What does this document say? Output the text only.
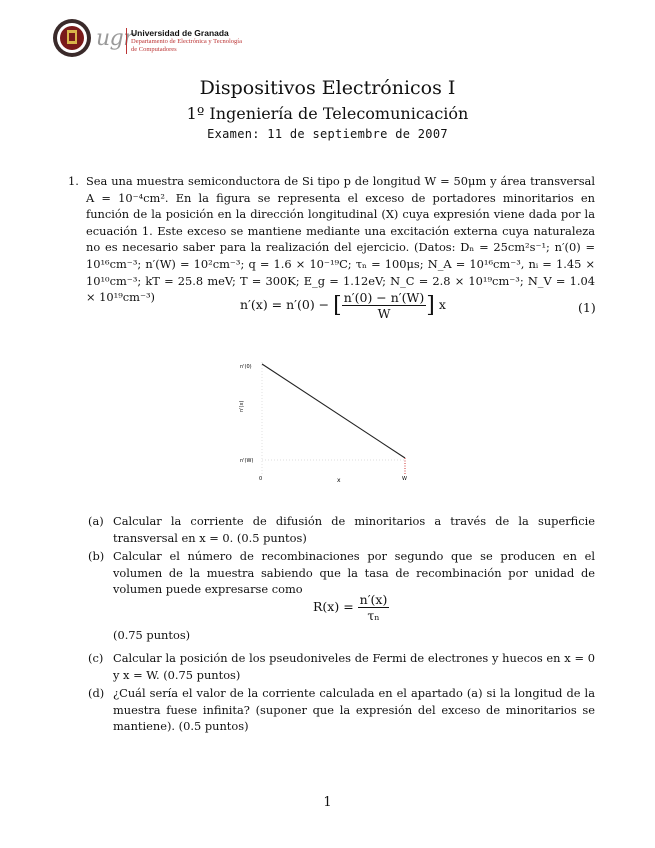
ugr
Universidad de Granada
Departamento de Electrónica y Tecnología
de Computadores
Dispositivos Electrónicos I
1º Ingeniería de Telecomunicación
Examen: 11 de septiembre de 2007
1. Sea una muestra semiconductora de Si tipo p de longitud W = 50μm y área transversal A = 10⁻⁴cm². En la figura se representa el exceso de portadores minoritarios en función de la posición en la dirección longitudinal (X) cuya expresión viene dada por la ecuación 1. Este exceso se mantiene mediante una excitación externa cuya naturaleza no es necesario saber para la realización del ejercicio. (Datos: Dₙ = 25cm²s⁻¹; n′(0) = 10¹⁶cm⁻³; n′(W) = 10²cm⁻³; q = 1.6 × 10⁻¹⁹C; τₙ = 100μs; N_A = 10¹⁶cm⁻³, nᵢ = 1.45 × 10¹⁰cm⁻³; kT = 25.8 meV; T = 300K; E_g = 1.12eV; N_C = 2.8 × 10¹⁹cm⁻³; N_V = 1.04 × 10¹⁹cm⁻³)	n′(x) = n′(0) − [ $\frac{n'(0) - n'(W)}{W}$ ] x	(1)
n'(0)
n'(x)
n'(W)
0	x	W
(a) Calcular la corriente de difusión de minoritarios a través de la superficie transversal en x = 0. (0.5 puntos)
(b) Calcular el número de recombinaciones por segundo que se producen en el volumen de la muestra sabiendo que la tasa de recombinación por unidad de volumen puede expresarse como
$R(x) = \frac{n'(x)}{\text{τₙ}}$
(0.75 puntos)
(c) Calcular la posición de los pseudoniveles de Fermi de electrones y huecos en x = 0 y x = W. (0.75 puntos)
(d) ¿Cuál sería el valor de la corriente calculada en el apartado (a) si la longitud de la muestra fuese infinita? (suponer que la expresión del exceso de minoritarios se mantiene). (0.5 puntos)
1
